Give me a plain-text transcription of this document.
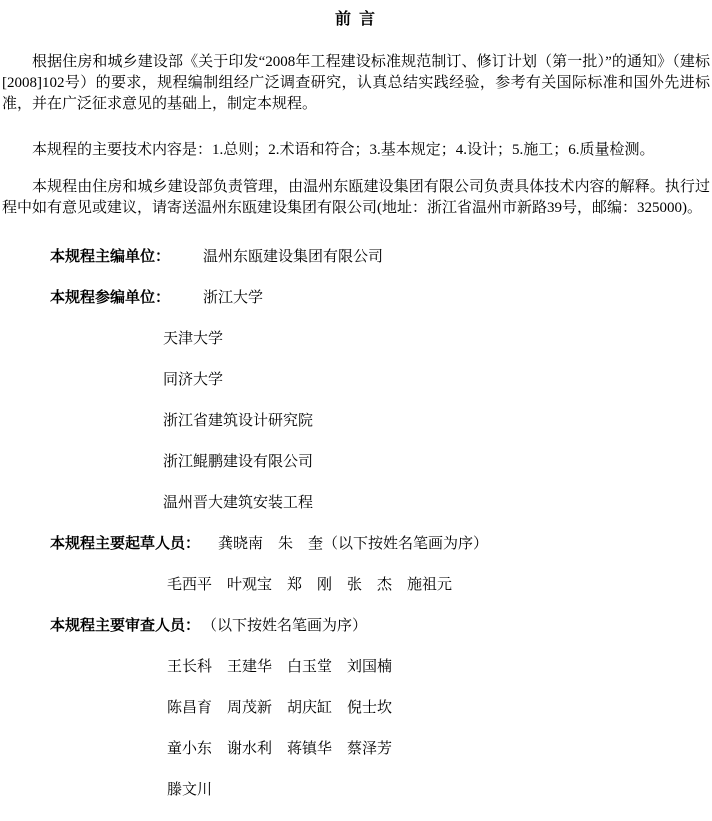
前 言

根据住房和城乡建设部《关于印发“2008年工程建设标准规范制订、修订计划（第一批）”的通知》（建标[2008]102号）的要求，规程编制组经广泛调查研究，认真总结实践经验，参考有关国际标准和国外先进标准，并在广泛征求意见的基础上，制定本规程。

本规程的主要技术内容是：1.总则；2.术语和符合；3.基本规定；4.设计；5.施工；6.质量检测。

本规程由住房和城乡建设部负责管理，由温州东瓯建设集团有限公司负责具体技术内容的解释。执行过程中如有意见或建议，请寄送温州东瓯建设集团有限公司(地址：浙江省温州市新路39号，邮编：325000)。

本规程主编单位： 温州东瓯建设集团有限公司
本规程参编单位： 浙江大学
天津大学
同济大学
浙江省建筑设计研究院
浙江鲲鹏建设有限公司
温州晋大建筑安装工程
本规程主要起草人员： 龚晓南　朱　奎（以下按姓名笔画为序）
毛西平　叶观宝　郑　刚　张　杰　施祖元
本规程主要审查人员： （以下按姓名笔画为序）
王长科　王建华　白玉堂　刘国楠
陈昌育　周茂新　胡庆缸　倪士坎
童小东　谢水利　蒋镇华　蔡泽芳
滕文川
